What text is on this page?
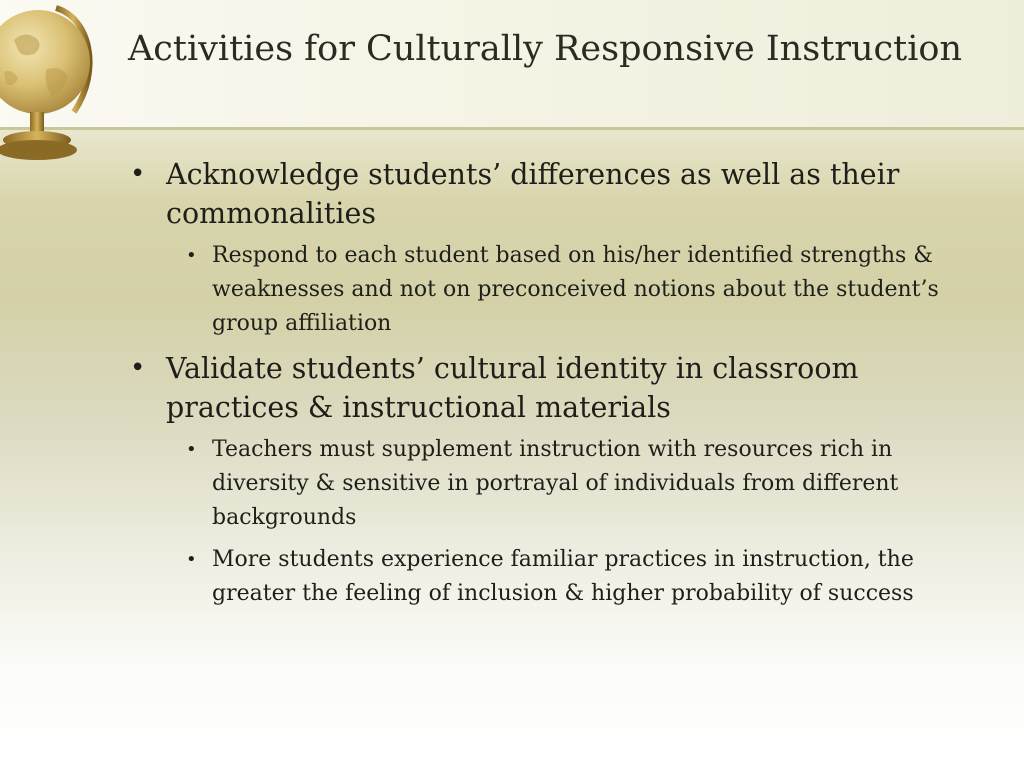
Activities for Culturally Responsive Instruction
• Acknowledge students’ differences as well as their commonalities
• Respond to each student based on his/her identified strengths & weaknesses and not on preconceived notions about the student’s group affiliation
• Validate students’ cultural identity in classroom practices & instructional materials
• Teachers must supplement instruction with resources rich in diversity & sensitive in portrayal of individuals from different backgrounds
• More students experience familiar practices in instruction, the greater the feeling of inclusion & higher probability of success
